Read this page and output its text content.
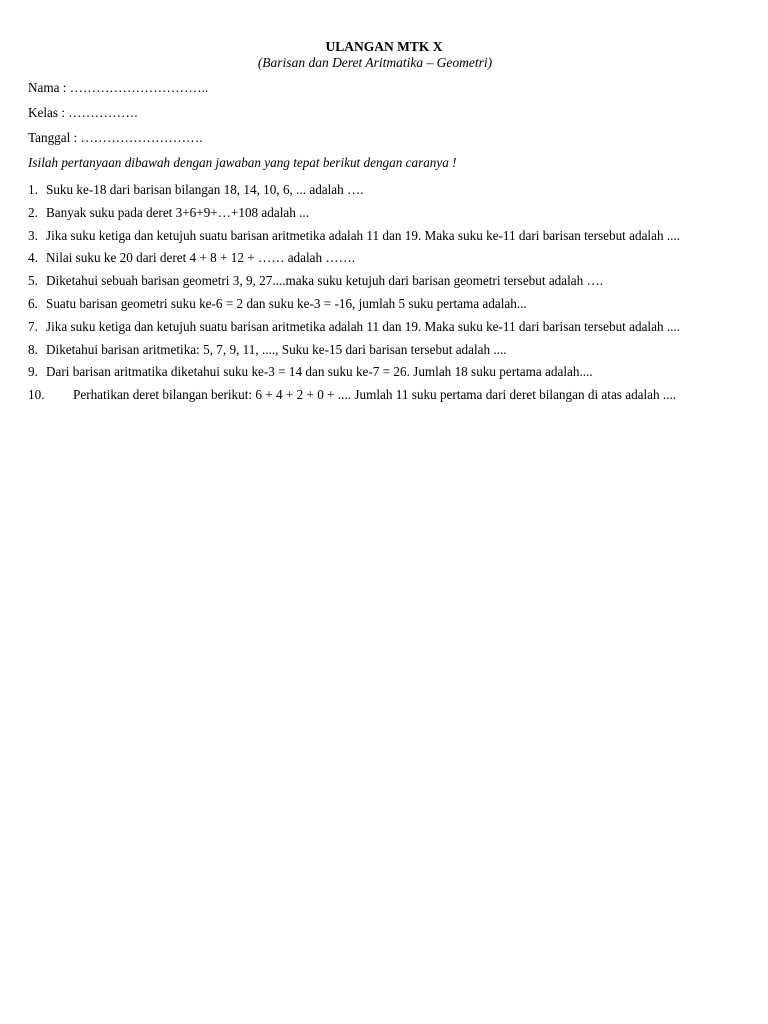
ULANGAN MTK X
(Barisan dan Deret Aritmatika – Geometri)
Nama : …………………………..
Kelas : …………….
Tanggal : ……………………….
Isilah pertanyaan dibawah dengan jawaban yang tepat berikut dengan caranya !
1. Suku ke-18 dari barisan bilangan 18, 14, 10, 6, ... adalah ….
2. Banyak suku pada deret 3+6+9+…+108 adalah ...
3. Jika suku ketiga dan ketujuh suatu barisan aritmetika adalah 11 dan 19. Maka suku ke-11 dari barisan tersebut adalah ....
4. Nilai suku ke 20 dari deret 4 + 8 + 12 + …… adalah …….
5. Diketahui sebuah barisan geometri 3, 9, 27....maka suku ketujuh dari barisan geometri tersebut adalah ….
6. Suatu barisan geometri suku ke-6 = 2 dan suku ke-3 = -16, jumlah 5 suku pertama adalah...
7. Jika suku ketiga dan ketujuh suatu barisan aritmetika adalah 11 dan 19. Maka suku ke-11 dari barisan tersebut adalah ....
8. Diketahui barisan aritmetika: 5, 7, 9, 11, ...., Suku ke-15 dari barisan tersebut adalah ....
9. Dari barisan aritmatika diketahui suku ke-3 = 14 dan suku ke-7 = 26. Jumlah 18 suku pertama adalah....
10.	Perhatikan deret bilangan berikut: 6 + 4 + 2 + 0 + .... Jumlah 11 suku pertama dari deret bilangan di atas adalah ....
